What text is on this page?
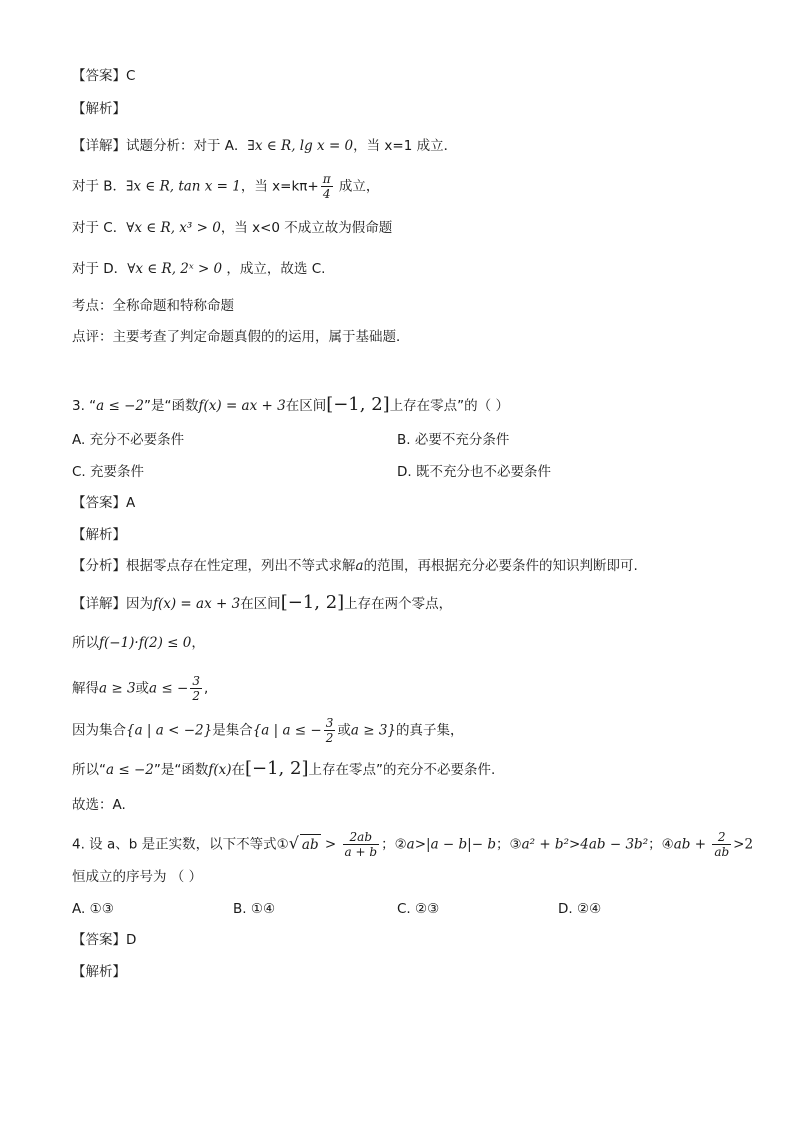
【答案】C
【解析】
【详解】试题分析：对于 A．∃x ∈ R, lg x = 0，当 x=1 成立．
对于 B．∃x ∈ R, tan x = 1，当 $x=k\pi+ \frac{\pi}{4}$ 成立，
对于 C．∀x ∈ R, x³ > 0，当 x<0 不成立故为假命题
对于 D．∀x ∈ R, 2ˣ > 0 ，成立，故选 C.
考点：全称命题和特称命题
点评：主要考查了判定命题真假的的运用，属于基础题．
3. “a ≤ −2”是“函数f(x) = ax + 3在区间[−1, 2]上存在零点”的（ ）
A. 充分不必要条件	B. 必要不充分条件
C. 充要条件	D. 既不充分也不必要条件
【答案】A
【解析】
【分析】根据零点存在性定理，列出不等式求解a的范围，再根据充分必要条件的知识判断即可.
【详解】因为f(x) = ax + 3在区间[−1, 2]上存在两个零点，
所以f(−1)·f(2) ≤ 0，
解得a ≥ 3或a ≤ − $\frac{3}{2}$ ,
因为集合{a | a < −2}是集合{a | a ≤ − $\frac{3}{2}$ 或a ≥ 3}的真子集，
所以“a ≤ −2”是“函数f(x)在[−1, 2]上存在零点”的充分不必要条件.
故选：A.
4. 设 a、b 是正实数，以下不等式①√ ab > $\frac{2ab}{a + b}$ ；②a>|a − b|− b；③a² + b²>4ab − 3b²；④ab + $\frac{2}{ab} >2$
恒成立的序号为 （ ）
A. ①③	B. ①④	C. ②③	D. ②④
【答案】D
【解析】
